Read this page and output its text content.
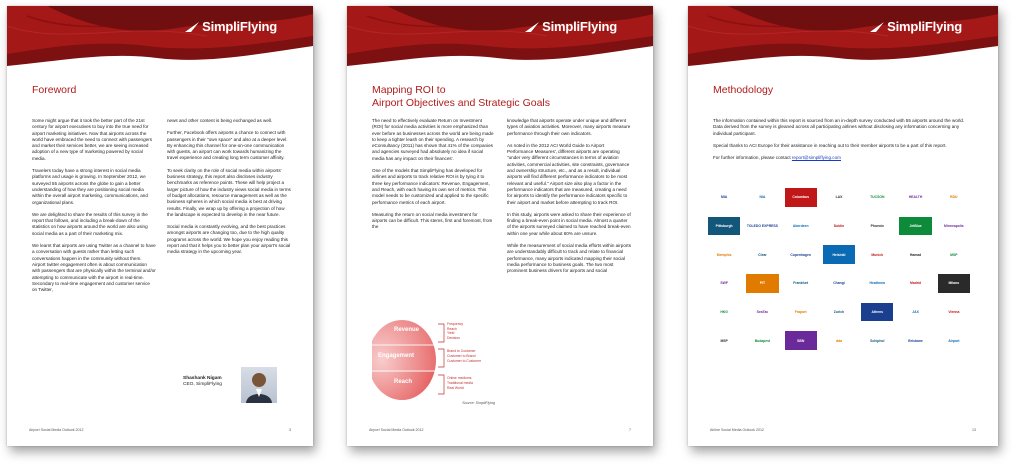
SimpliFlying
Foreword

Some might argue that it took the better part of the 21st century for airport executives to buy into the true need for airport marketing initiatives. Now that airports across the world have embraced the need to connect with passengers and market their services better, we are seeing increased adoption of a new type of marketing powered by social media.

Travelers today have a strong interest in social media platforms and usage is growing. In September 2012, we surveyed 55 airports across the globe to gain a better understanding of how they are positioning social media within the overall airport marketing, communications, and organizational plans.

We are delighted to share the results of this survey in the report that follows, and including a break-down of the statistics on how airports around the world are also using social media as a part of their marketing mix.

We learnt that airports are using Twitter as a channel to have a conversation with guests rather than letting such conversations happen in the community without them. Airport twitter engagement often is about communication with passengers that are physically within the terminal and/or attempting to communicate with the airport in real-time. Secondary to real-time engagement and customer service on Twitter,

news and other content is being exchanged as well.

Further, Facebook offers airports a chance to connect with passengers in their "own space" and also at a deeper level. By enhancing this channel for one-on-one communication with guests, an airport can work towards humanizing the travel experience and creating long term customer affinity.

To seek clarity on the role of social media within airports' business strategy, this report also discloses industry benchmarks as reference points. These will help project a larger picture of how the industry views social media in terms of budget allocations, resource management as well as the business spheres in which social media is best at driving results. Finally, we wrap up by offering a projection of how the landscape is expected to develop in the near future.

Social media is constantly evolving, and the best practices amongst airports are changing too, due to the high quality programs across the world. We hope you enjoy reading this report and that it helps you to better plan your airport's social media strategy in the upcoming year.

Shashank Nigam
CEO, SimpliFlying
Airport Social Media Outlook 2012	3
SimpliFlying
Mapping ROI to
Airport Objectives and Strategic Goals

The need to effectively evaluate Return on Investment (ROI) for social media activities is more emphasized than ever before as businesses across the world are being made to keep a tighter leash on their spending. A research by eConsultancy (2011) has shown that 41% of the companies and agencies surveyed had absolutely no idea if social media has any impact on their finances'.

One of the models that SimpliFlying has developed for airlines and airports to track relative ROI is by tying it to three key performance indicators: Revenue, Engagement, and Reach, with each having its own set of metrics. This model needs to be customized and applied to the specific performance metrics of each airport.

Measuring the return on social media investment for airports can be difficult. This stems, first and foremost, from the

Revenue
Engagement
Reach
Frequency
Reach
Yield
Decision
Brand to Customer
Customer to Brand
Customer to Customer
Online mediums
Traditional media
Real World
Source: SimpliFlying

knowledge that airports operate under unique and different types of aviation activities. Moreover, many airports measure performance through their own indicators.

As noted in the 2012 ACI World Guide to Airport Performance Measures', different airports are operating "under very different circumstances in terms of aviation activities, commercial activities, site constraints, governance and ownership structure, etc., and as a result, individual airports will find different performance indicators to be most relevant and useful." Airport size also play a factor in the performance indicators that are measured, creating a need for airports to identify the performance indicators specific to their airport and market before attempting to track ROI.

In this study, airports were asked to share their experience of finding a break-even point in social media. Almost a quarter of the airports surveyed claimed to have reached break-even within one year while about 60% are unsure.

While the measurement of social media efforts within airports are understandably difficult to track and relate to financial performance, many airports indicated mapping their social media performance to business goals. The two most prominent business drivers for airports and social

Airport Social Media Outlook 2012	7
SimpliFlying
Methodology

The information contained within this report is sourced from an in-depth survey conducted with 55 airports around the world. Data derived from the survey is gleaned across all participating airlines without disclosing any information concerning any individual participant.

Special thanks to ACI Europe for their assistance in reaching out to their member airports to be a part of this report.

For further information, please contact report@simpliflying.com

MIA	NIA	Columbus	LAX	TUCSON	HEALTH	RDU
Pittsburgh	TOLEDO EXPRESS	Aberdeen	Dublin	Phoenix	JetBlue	Minneapolis
Memphis	Clear	Copenhagen	Helsinki	Munich	Hamad	MSP
SWF	PIT	Frankfurt	Changi	Heathrow	Madrid	Milano
HKG	SeaTac	Fraport	Zurich	Athens	JAX	Vienna
MSP	Budapest	SBN	dda	Schiphol	Brisbane	Airport
Airline Social Media Outlook 2012	13
